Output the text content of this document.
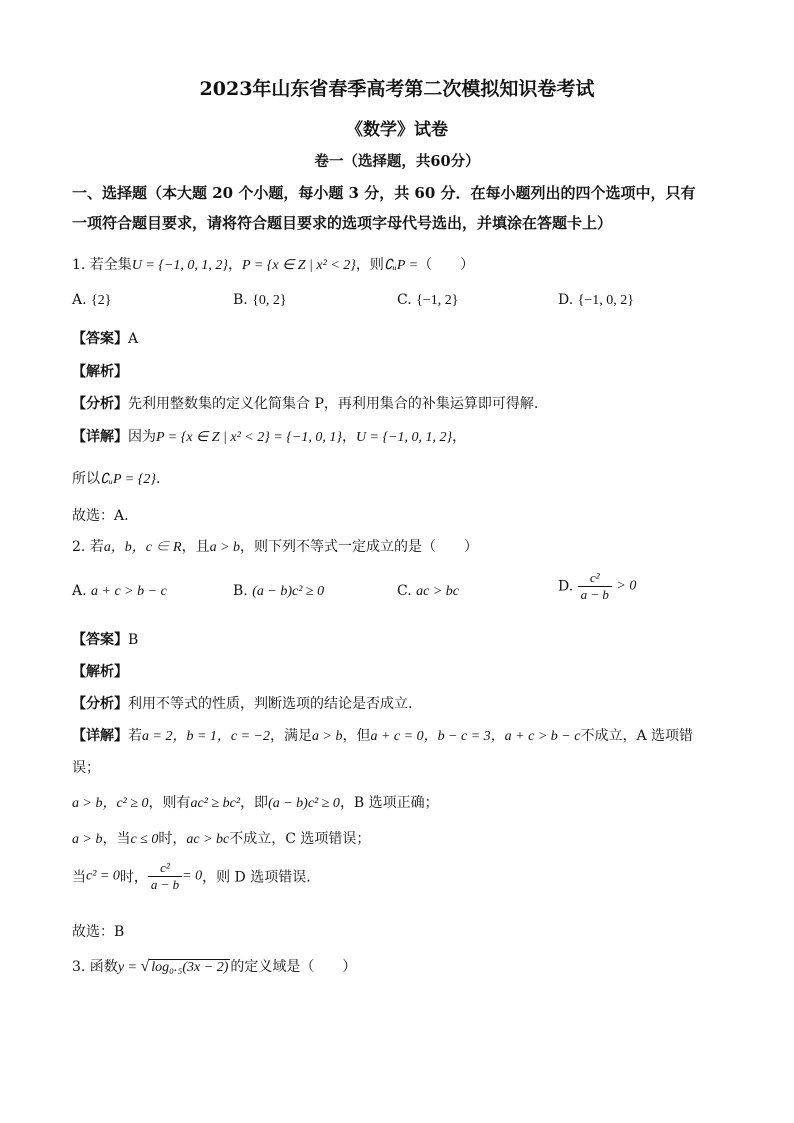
2023年山东省春季高考第二次模拟知识卷考试
《数学》试卷
卷一（选择题，共60分）
一、选择题（本大题 20 个小题，每小题 3 分，共 60 分．在每小题列出的四个选项中，只有
一项符合题目要求，请将符合题目要求的选项字母代号选出，并填涂在答题卡上）
1. 若全集U = {−1, 0, 1, 2}，P = {x ∈ Z | x² < 2}，则∁ᵤP =（　　）
A. {2}	B. {0, 2}	C. {−1, 2}	D. {−1, 0, 2}
【答案】A
【解析】
【分析】先利用整数集的定义化简集合 P，再利用集合的补集运算即可得解.
【详解】因为P = {x ∈ Z | x² < 2} = {−1, 0, 1}，U = {−1, 0, 1, 2}，
所以∁ᵤP = {2}.
故选：A.
2. 若a，b，c ∈ R，且a > b，则下列不等式一定成立的是（　　）
A. a + c > b − c	B. (a − b)c² ≥ 0	C. ac > bc	D. $\frac{\text{c²}}{a - b} > 0$
【答案】B
【解析】
【分析】利用不等式的性质，判断选项的结论是否成立.
【详解】若a = 2，b = 1，c = −2，满足a > b，但a + c = 0，b − c = 3，a + c > b − c不成立，A 选项错
误；
a > b，c² ≥ 0，则有ac² ≥ bc²，即(a − b)c² ≥ 0，B 选项正确；
a > b，当c ≤ 0时，ac > bc不成立，C 选项错误；
当c² = 0时， $\frac{\text{c²}}{a - b} = 0$，则 D 选项错误.
故选：B
3. 函数y = √ log₀.₅(3x − 2) 的定义域是（　　）
